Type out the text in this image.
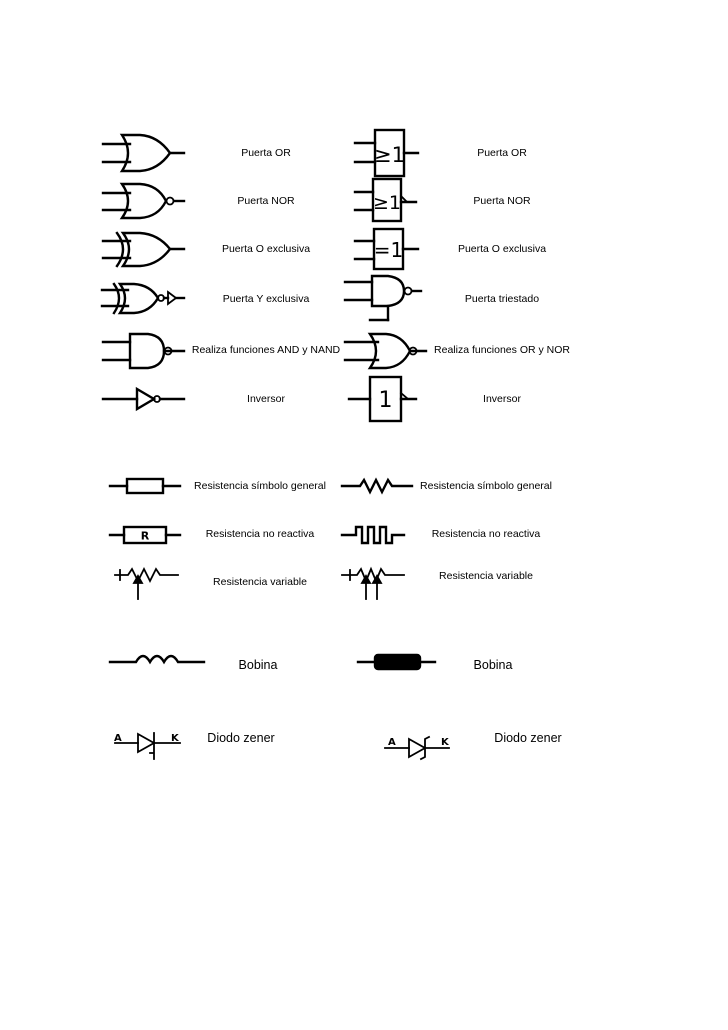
≥1
≥1
=1
1
R
A	K	A	K
Puerta OR	Puerta OR
Puerta NOR	Puerta NOR
Puerta O exclusiva	Puerta O exclusiva
Puerta Y exclusiva	Puerta triestado
Realiza funciones AND y NAND	Realiza funciones OR y NOR
Inversor	Inversor
Resistencia símbolo general	Resistencia símbolo general
Resistencia no reactiva	Resistencia no reactiva
Resistencia variable	Resistencia variable
Bobina	Bobina
Diodo zener	Diodo zener
